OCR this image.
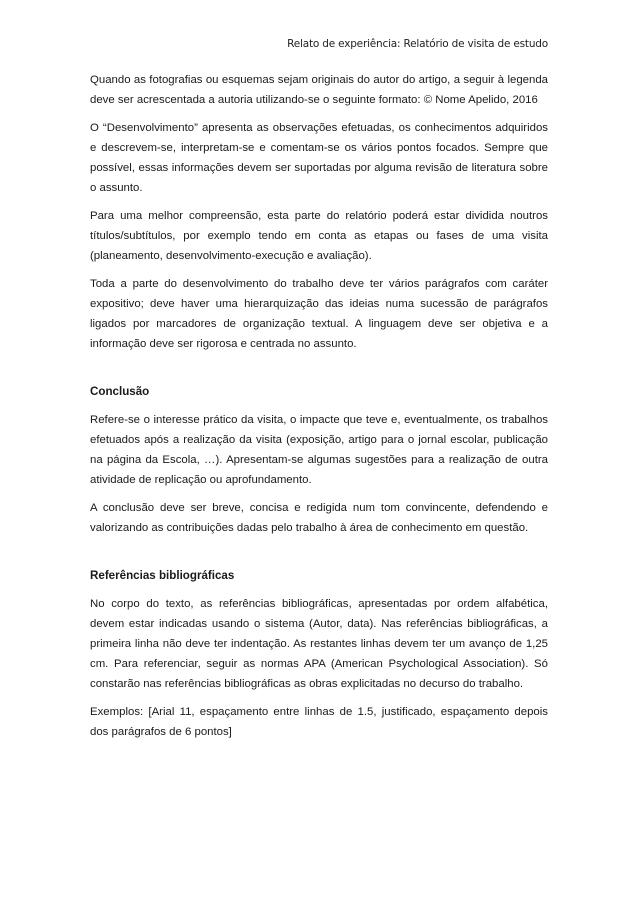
Relato de experiência: Relatório de visita de estudo

Quando as fotografias ou esquemas sejam originais do autor do artigo, a seguir à legenda deve ser acrescentada a autoria utilizando-se o seguinte formato: © Nome Apelido, 2016

O “Desenvolvimento” apresenta as observações efetuadas, os conhecimentos adquiridos e descrevem-se, interpretam-se e comentam-se os vários pontos focados. Sempre que possível, essas informações devem ser suportadas por alguma revisão de literatura sobre o assunto.

Para uma melhor compreensão, esta parte do relatório poderá estar dividida noutros títulos/subtítulos, por exemplo tendo em conta as etapas ou fases de uma visita (planeamento, desenvolvimento-execução e avaliação).

Toda a parte do desenvolvimento do trabalho deve ter vários parágrafos com caráter expositivo; deve haver uma hierarquização das ideias numa sucessão de parágrafos ligados por marcadores de organização textual. A linguagem deve ser objetiva e a informação deve ser rigorosa e centrada no assunto.

Conclusão

Refere-se o interesse prático da visita, o impacte que teve e, eventualmente, os trabalhos efetuados após a realização da visita (exposição, artigo para o jornal escolar, publicação na página da Escola, …). Apresentam-se algumas sugestões para a realização de outra atividade de replicação ou aprofundamento.

A conclusão deve ser breve, concisa e redigida num tom convincente, defendendo e valorizando as contribuições dadas pelo trabalho à área de conhecimento em questão.

Referências bibliográficas

No corpo do texto, as referências bibliográficas, apresentadas por ordem alfabética, devem estar indicadas usando o sistema (Autor, data). Nas referências bibliográficas, a primeira linha não deve ter indentação. As restantes linhas devem ter um avanço de 1,25 cm. Para referenciar, seguir as normas APA (American Psychological Association). Só constarão nas referências bibliográficas as obras explicitadas no decurso do trabalho.

Exemplos: [Arial 11, espaçamento entre linhas de 1.5, justificado, espaçamento depois dos parágrafos de 6 pontos]
